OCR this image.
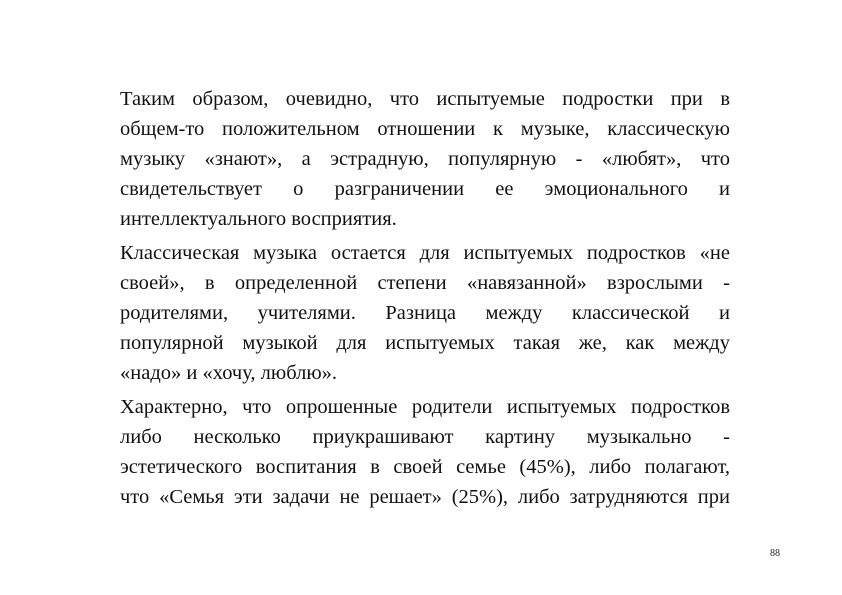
Таким образом, очевидно, что испытуемые подростки при в
общем-то положительном отношении к музыке, классическую
музыку «знают», а эстрадную, популярную - «любят», что
свидетельствует о разграничении ее эмоционального и
интеллектуального восприятия.
Классическая музыка остается для испытуемых подростков «не
своей», в определенной степени «навязанной» взрослыми -
родителями, учителями. Разница между классической и
популярной музыкой для испытуемых такая же, как между
«надо» и «хочу, люблю».
Характерно, что опрошенные родители испытуемых подростков
либо несколько приукрашивают картину музыкально -
эстетического воспитания в своей семье (45%), либо полагают,
что «Семья эти задачи не решает» (25%), либо затрудняются при
88
